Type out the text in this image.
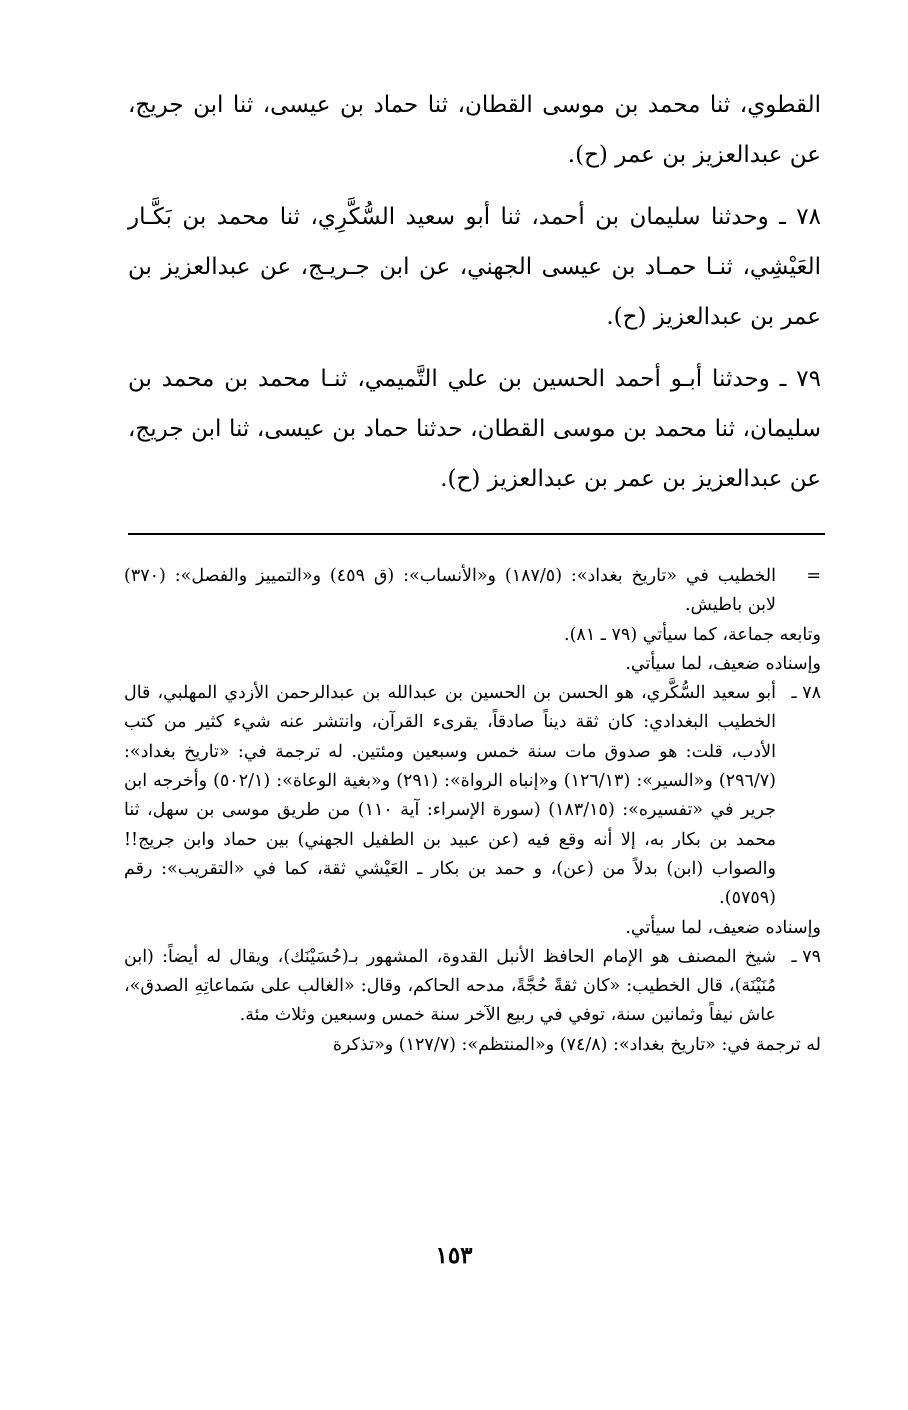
القطوي، ثنا محمد بن موسى القطان، ثنا حماد بن عيسى، ثنا ابن جريج، عن عبدالعزيز بن عمر (ح).

٧٨ ـ وحدثنا سليمان بن أحمد، ثنا أبو سعيد السُّكَّرِي، ثنا محمد بن بَكَّـار العَيْشِي، ثنـا حمـاد بن عيسى الجهني، عن ابن جـريـج، عن عبدالعزيز بن عمر بن عبدالعزيز (ح).

٧٩ ـ وحدثنا أبـو أحمد الحسين بن علي التَّميمي، ثنـا محمد بن محمد بن سليمان، ثنا محمد بن موسى القطان، حدثنا حماد بن عيسى، ثنا ابن جريج، عن عبدالعزيز بن عمر بن عبدالعزيز (ح).

=

الخطيب في «تاريخ بغداد»: (١٨٧/٥) و«الأنساب»: (ق ٤٥٩) و«التمييز والفصل»: (٣٧٠) لابن باطيش.

وتابعه جماعة، كما سيأتي (٧٩ ـ ٨١).

وإسناده ضعيف، لما سيأتي.

٧٨ ـ

أبو سعيد السُّكَّري، هو الحسن بن الحسين بن عبدالله بن عبدالرحمن الأزدي المهلبي، قال الخطيب البغدادي: كان ثقة ديناً صادقاً، يقرىء القرآن، وانتشر عنه شيء كثير من كتب الأدب، قلت: هو صدوق مات سنة خمس وسبعين ومئتين. له ترجمة في: «تاريخ بغداد»: (٢٩٦/٧) و«السير»: (١٢٦/١٣) و«إنباه الرواة»: (٢٩١) و«بغية الوعاة»: (٥٠٢/١) وأخرجه ابن جرير في «تفسيره»: (١٨٣/١٥) (سورة الإسراء: آية ١١٠) من طريق موسى بن سهل، ثنا محمد بن بكار به، إلا أنه وقع فيه (عن عبيد بن الطفيل الجهني) بين حماد وابن جريج!! والصواب (ابن) بدلاً من (عن)، و حمد بن بكار ـ العَيْشي ثقة، كما في «التقريب»: رقم (٥٧٥٩).

وإسناده ضعيف، لما سيأتي.

٧٩ ـ

شيخ المصنف هو الإمام الحافظ الأنبل القدوة، المشهور بـ(حُسَيْنَك)، ويقال له أيضاً: (ابن مُنَيْنَة)، قال الخطيب: «كان ثقةً حُجَّةً، مدحه الحاكم، وقال: «الغالب على سَماعاتِهِ الصدق»، عاش نيفاً وثمانين سنة، توفي في ربيع الآخر سنة خمس وسبعين وثلاث مئة.

له ترجمة في: «تاريخ بغداد»: (٧٤/٨) و«المنتظم»: (١٢٧/٧) و«تذكرة

١٥٣
